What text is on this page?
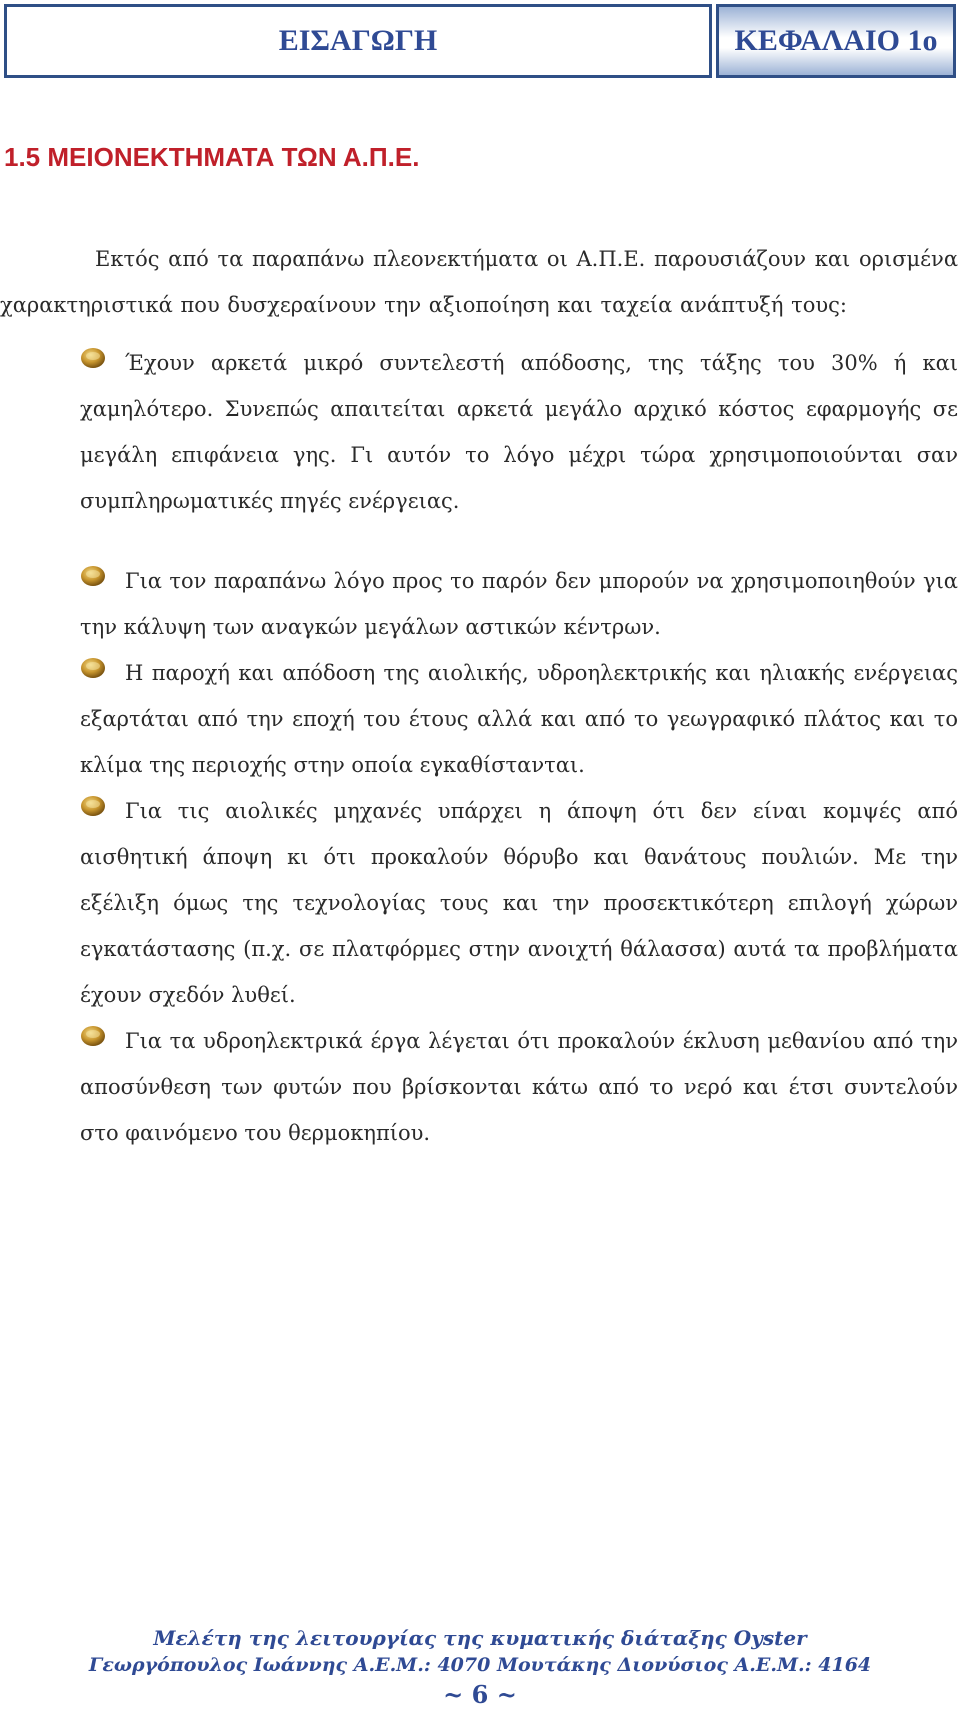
ΕΙΣΑΓΩΓΗ	ΚΕΦΑΛΑΙΟ 1ο
1.5 ΜΕΙΟΝΕΚΤΗΜΑΤΑ ΤΩΝ Α.Π.Ε.
Εκτός από τα παραπάνω πλεονεκτήματα οι Α.Π.Ε. παρουσιάζουν και ορισμένα χαρακτηριστικά που δυσχεραίνουν την αξιοποίηση και ταχεία ανάπτυξή τους:
Έχουν αρκετά μικρό συντελεστή απόδοσης, της τάξης του 30% ή και χαμηλότερο. Συνεπώς απαιτείται αρκετά μεγάλο αρχικό κόστος εφαρμογής σε μεγάλη επιφάνεια γης. Γι αυτόν το λόγο μέχρι τώρα χρησιμοποιούνται σαν συμπληρωματικές πηγές ενέργειας.
Για τον παραπάνω λόγο προς το παρόν δεν μπορούν να χρησιμοποιηθούν για την κάλυψη των αναγκών μεγάλων αστικών κέντρων.
Η παροχή και απόδοση της αιολικής, υδροηλεκτρικής και ηλιακής ενέργειας εξαρτάται από την εποχή του έτους αλλά και από το γεωγραφικό πλάτος και το κλίμα της περιοχής στην οποία εγκαθίστανται.
Για τις αιολικές μηχανές υπάρχει η άποψη ότι δεν είναι κομψές από αισθητική άποψη κι ότι προκαλούν θόρυβο και θανάτους πουλιών. Με την εξέλιξη όμως της τεχνολογίας τους και την προσεκτικότερη επιλογή χώρων εγκατάστασης (π.χ. σε πλατφόρμες στην ανοιχτή θάλασσα) αυτά τα προβλήματα έχουν σχεδόν λυθεί.
Για τα υδροηλεκτρικά έργα λέγεται ότι προκαλούν έκλυση μεθανίου από την αποσύνθεση των φυτών που βρίσκονται κάτω από το νερό και έτσι συντελούν στο φαινόμενο του θερμοκηπίου.
Μελέτη της λειτουργίας της κυματικής διάταξης Oyster
Γεωργόπουλος Ιωάννης Α.Ε.Μ.: 4070 Μουτάκης Διονύσιος Α.Ε.Μ.: 4164
~ 6 ~
